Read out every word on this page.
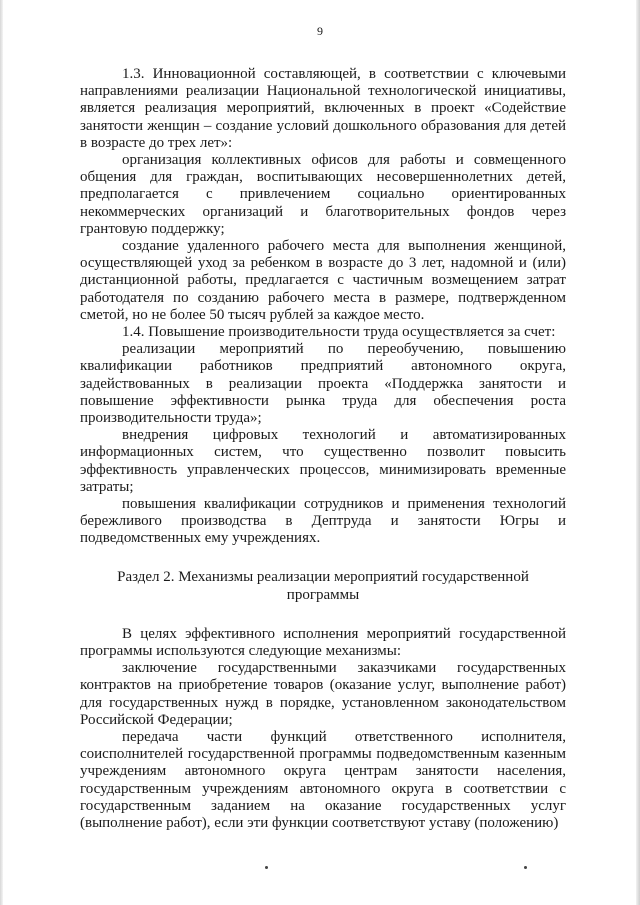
9

1.3. Инновационной составляющей, в соответствии с ключевыми направлениями реализации Национальной технологической инициативы, является реализация мероприятий, включенных в проект «Содействие занятости женщин – создание условий дошкольного образования для детей в возрасте до трех лет»:

организация коллективных офисов для работы и совмещенного общения для граждан, воспитывающих несовершеннолетних детей, предполагается с привлечением социально ориентированных некоммерческих организаций и благотворительных фондов через грантовую поддержку;

создание удаленного рабочего места для выполнения женщиной, осуществляющей уход за ребенком в возрасте до 3 лет, надомной и (или) дистанционной работы, предлагается с частичным возмещением затрат работодателя по созданию рабочего места в размере, подтвержденном сметой, но не более 50 тысяч рублей за каждое место.

1.4. Повышение производительности труда осуществляется за счет:

реализации мероприятий по переобучению, повышению квалификации работников предприятий автономного округа, задействованных в реализации проекта «Поддержка занятости и повышение эффективности рынка труда для обеспечения роста производительности труда»;

внедрения цифровых технологий и автоматизированных информационных систем, что существенно позволит повысить эффективность управленческих процессов, минимизировать временные затраты;

повышения квалификации сотрудников и применения технологий бережливого производства в Дептруда и занятости Югры и подведомственных ему учреждениях.

Раздел 2. Механизмы реализации мероприятий государственной программы

В целях эффективного исполнения мероприятий государственной программы используются следующие механизмы:

заключение государственными заказчиками государственных контрактов на приобретение товаров (оказание услуг, выполнение работ) для государственных нужд в порядке, установленном законодательством Российской Федерации;

передача части функций ответственного исполнителя, соисполнителей государственной программы подведомственным казенным учреждениям автономного округа центрам занятости населения, государственным учреждениям автономного округа в соответствии с государственным заданием на оказание государственных услуг (выполнение работ), если эти функции соответствуют уставу (положению)
